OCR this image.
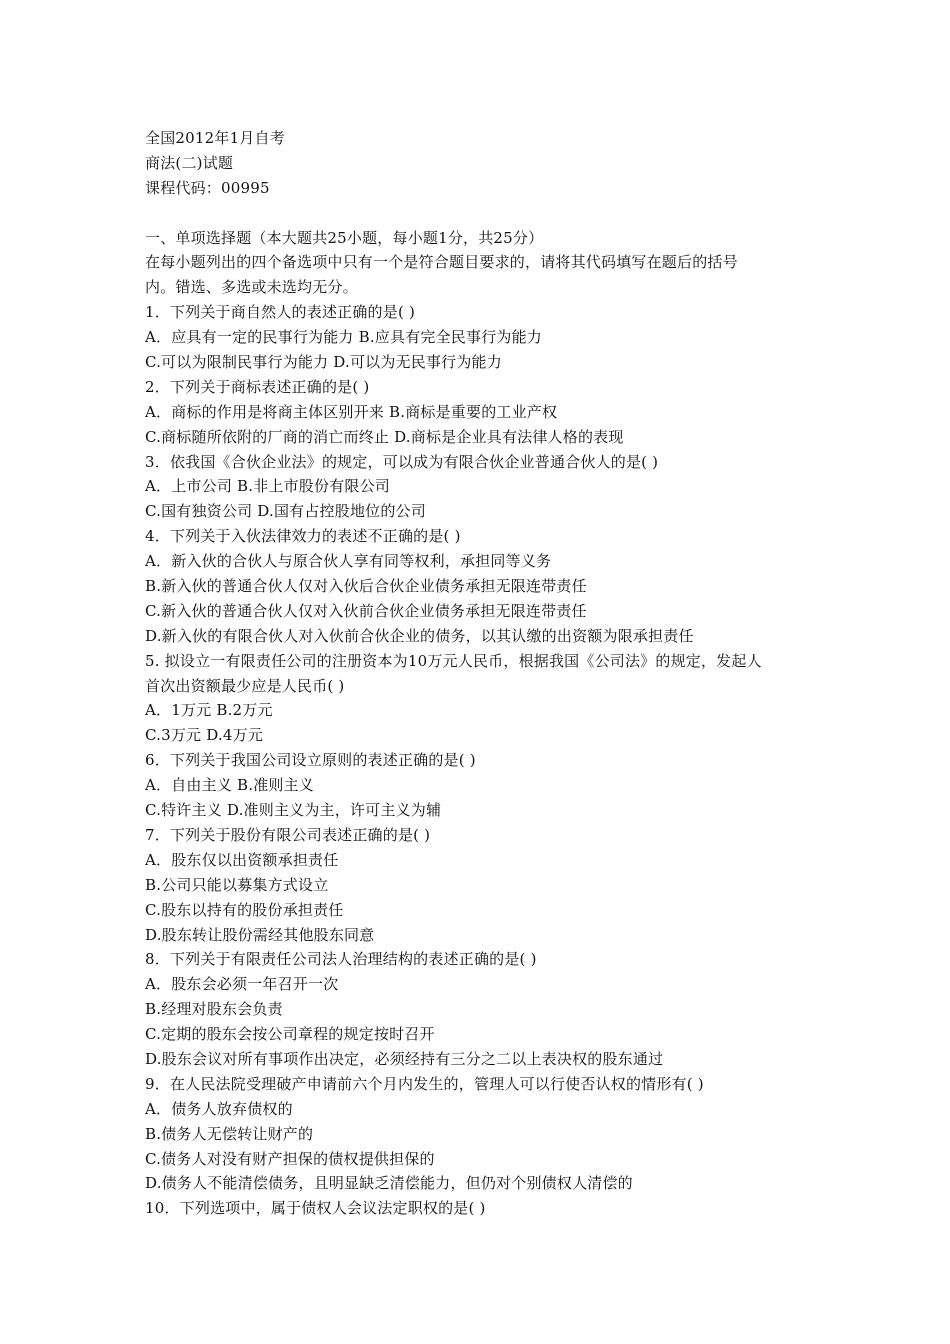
全国2012年1月自考
商法(二)试题
课程代码：00995
一、单项选择题（本大题共25小题，每小题1分，共25分）
在每小题列出的四个备选项中只有一个是符合题目要求的，请将其代码填写在题后的括号
内。错选、多选或未选均无分。
1．下列关于商自然人的表述正确的是( )
A．应具有一定的民事行为能力 B.应具有完全民事行为能力
C.可以为限制民事行为能力 D.可以为无民事行为能力
2．下列关于商标表述正确的是( )
A．商标的作用是将商主体区别开来 B.商标是重要的工业产权
C.商标随所依附的厂商的消亡而终止 D.商标是企业具有法律人格的表现
3．依我国《合伙企业法》的规定，可以成为有限合伙企业普通合伙人的是( )
A．上市公司 B.非上市股份有限公司
C.国有独资公司 D.国有占控股地位的公司
4．下列关于入伙法律效力的表述不正确的是( )
A．新入伙的合伙人与原合伙人享有同等权利，承担同等义务
B.新入伙的普通合伙人仅对入伙后合伙企业债务承担无限连带责任
C.新入伙的普通合伙人仅对入伙前合伙企业债务承担无限连带责任
D.新入伙的有限合伙人对入伙前合伙企业的债务，以其认缴的出资额为限承担责任
5. 拟设立一有限责任公司的注册资本为10万元人民币，根据我国《公司法》的规定，发起人
首次出资额最少应是人民币( )
A．1万元 B.2万元
C.3万元 D.4万元
6．下列关于我国公司设立原则的表述正确的是( )
A．自由主义 B.准则主义
C.特许主义 D.准则主义为主，许可主义为辅
7．下列关于股份有限公司表述正确的是( )
A．股东仅以出资额承担责任
B.公司只能以募集方式设立
C.股东以持有的股份承担责任
D.股东转让股份需经其他股东同意
8．下列关于有限责任公司法人治理结构的表述正确的是( )
A．股东会必须一年召开一次
B.经理对股东会负责
C.定期的股东会按公司章程的规定按时召开
D.股东会议对所有事项作出决定，必须经持有三分之二以上表决权的股东通过
9．在人民法院受理破产申请前六个月内发生的，管理人可以行使否认权的情形有( )
A．债务人放弃债权的
B.债务人无偿转让财产的
C.债务人对没有财产担保的债权提供担保的
D.债务人不能清偿债务，且明显缺乏清偿能力，但仍对个别债权人清偿的
10．下列选项中，属于债权人会议法定职权的是( )
